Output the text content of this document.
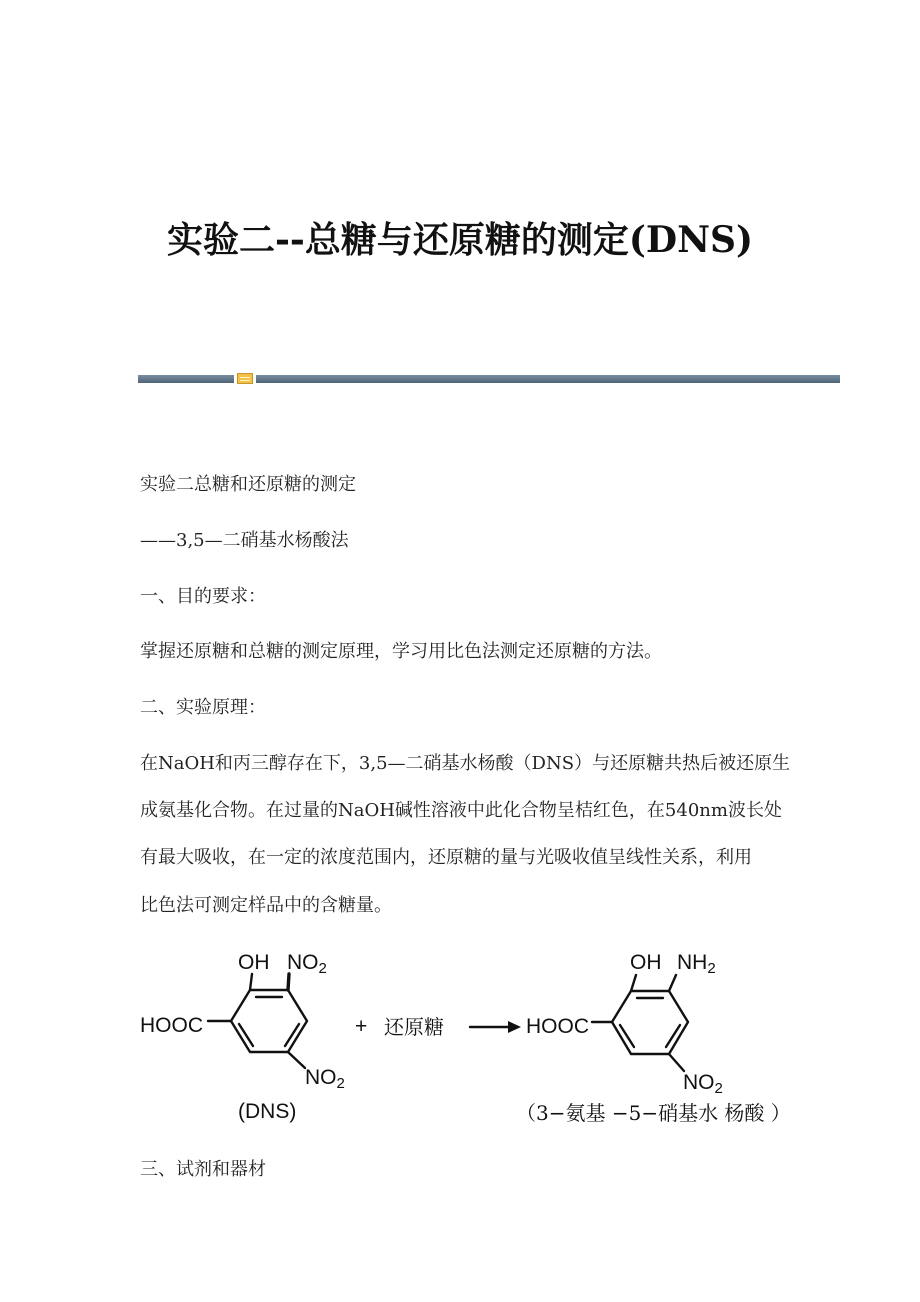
实验二--总糖与还原糖的测定(DNS)
实验二总糖和还原糖的测定
——3,5—二硝基水杨酸法
一、目的要求：
掌握还原糖和总糖的测定原理，学习用比色法测定还原糖的方法。
二、实验原理：
在NaOH和丙三醇存在下，3,5—二硝基水杨酸（DNS）与还原糖共热后被还原生
成氨基化合物。在过量的NaOH碱性溶液中此化合物呈桔红色，在540nm波长处
有最大吸收，在一定的浓度范围内，还原糖的量与光吸收值呈线性关系，利用
比色法可测定样品中的含糖量。
HOOC
OH $NO_2$
$NO_2$
(DNS)
+ 还原糖	HOOC
OH $NH_2$
$NO_2$
（3−氨基 −5−硝基水 杨酸 ）
三、试剂和器材
